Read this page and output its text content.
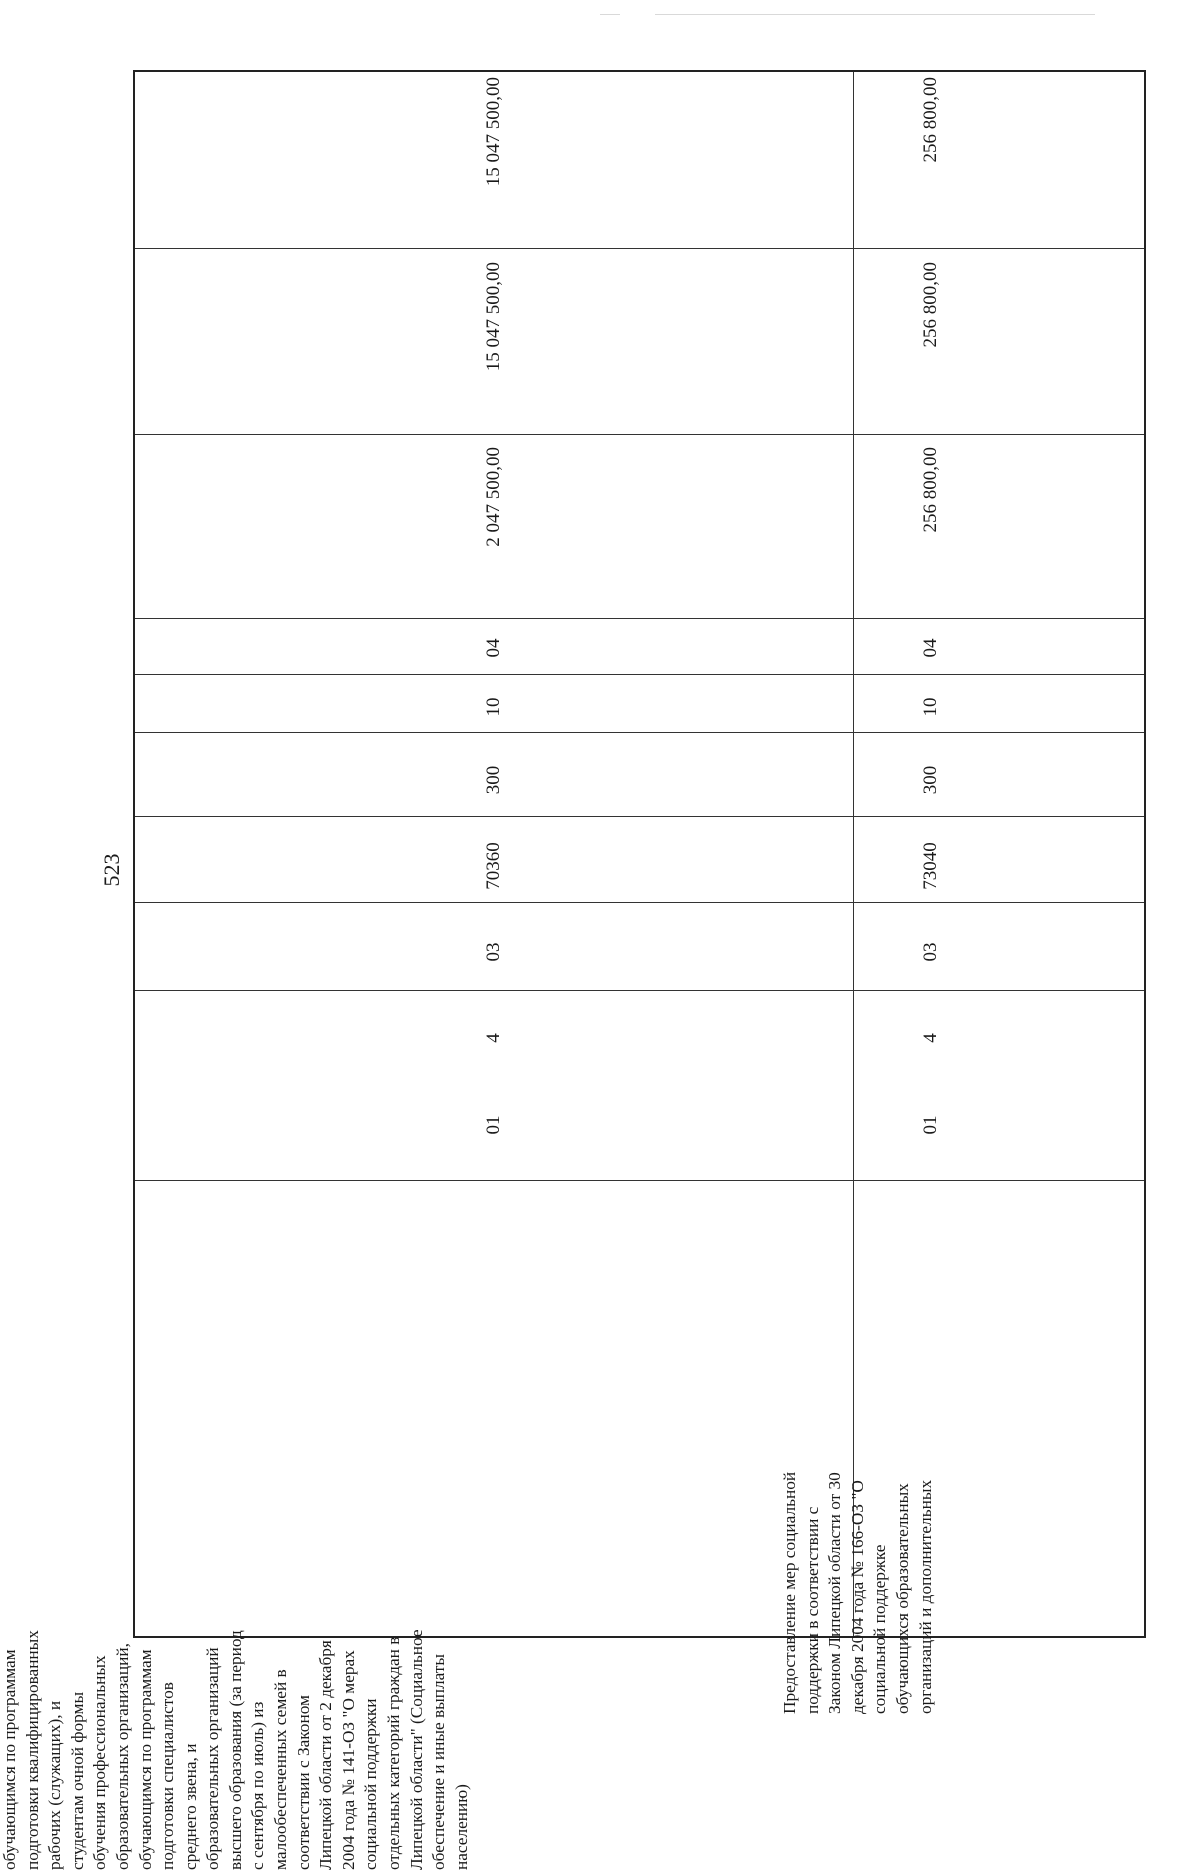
523

обучающимся по программам
подготовки квалифицированных
рабочих (служащих), и
студентам очной формы
обучения профессиональных
образовательных организаций,
обучающимся по программам
подготовки специалистов
среднего звена, и
образовательных организаций
высшего образования (за период
с сентября по июль) из
малообеспеченных семей в
соответствии с Законом
Липецкой области от 2 декабря
2004 года № 141-ОЗ "О мерах
социальной поддержки
отдельных категорий граждан в
Липецкой области" (Социальное
обеспечение и иные выплаты
населению)
01
4
03
70360
300
10
04
2 047 500,00
15 047 500,00
15 047 500,00
Предоставление мер социальной
поддержки в соответствии с
Законом Липецкой области от 30
декабря 2004 года № 166-ОЗ "О
социальной поддержке
обучающихся образовательных
организаций и дополнительных
01
4
03
73040
300
10
04
256 800,00
256 800,00
256 800,00
